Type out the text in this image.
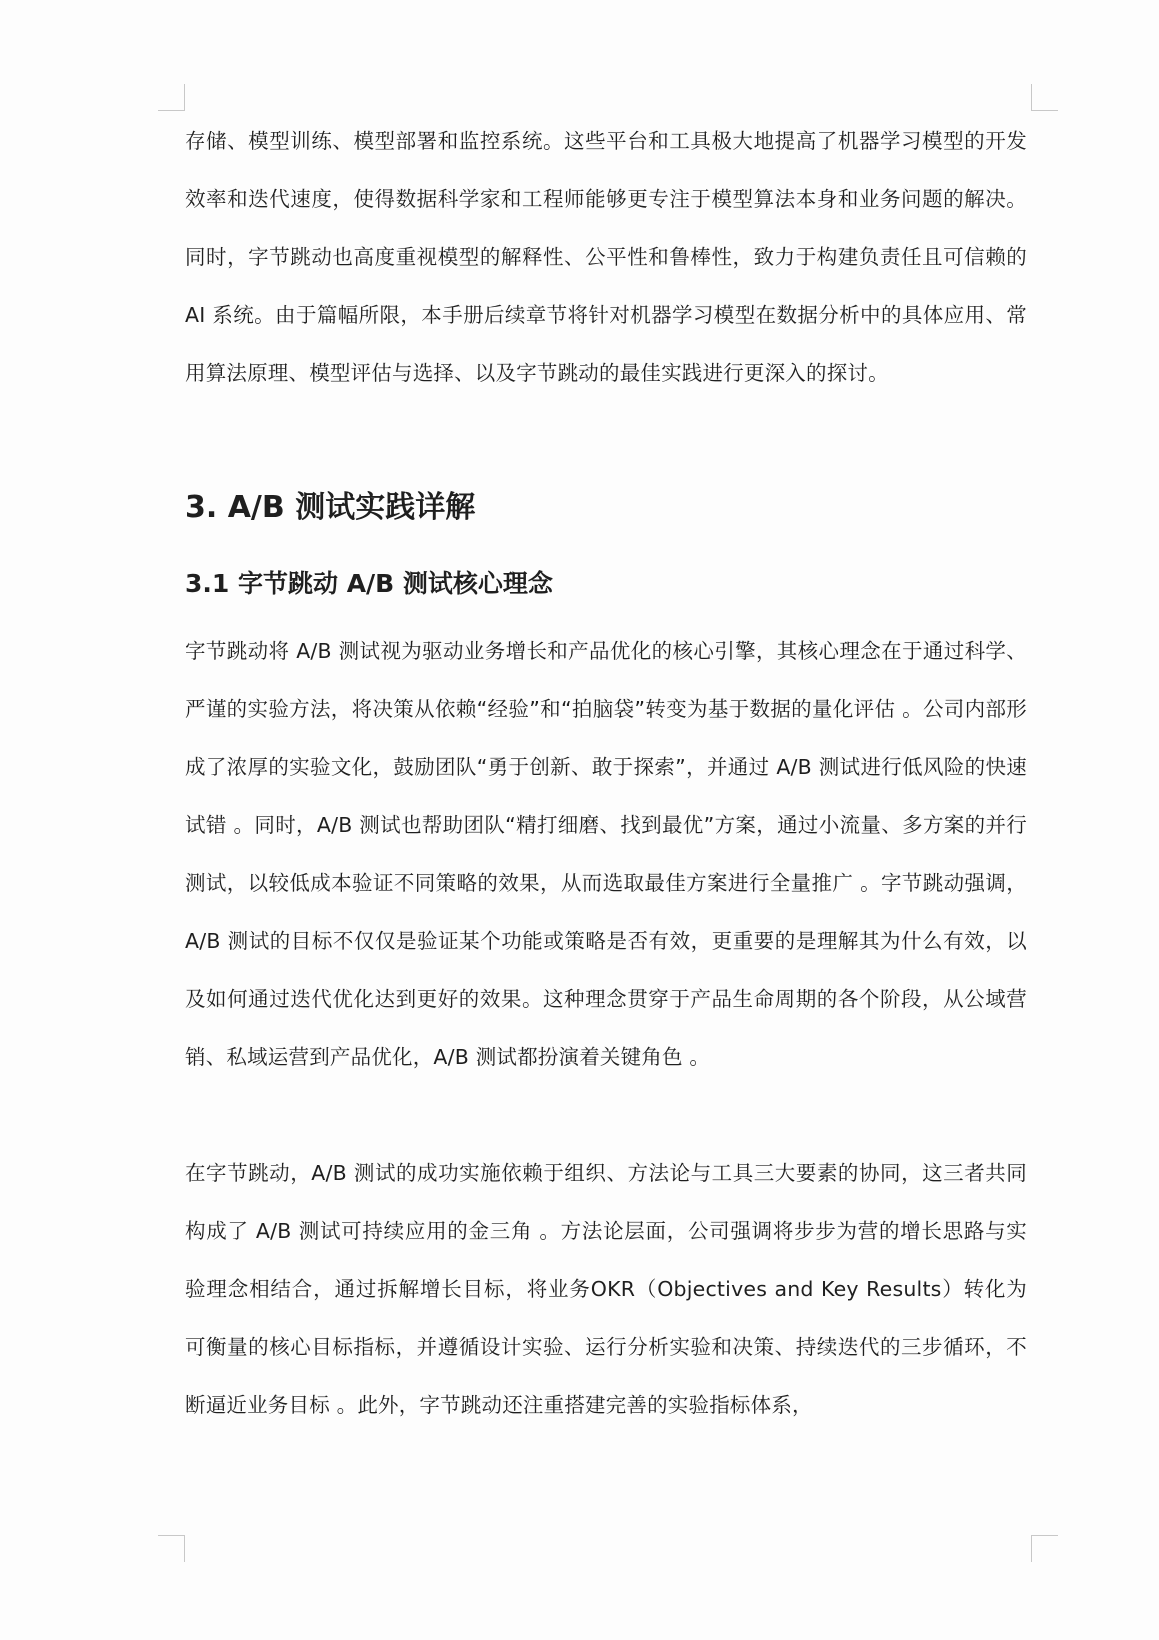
存储、模型训练、模型部署和监控系统。这些平台和工具极大地提高了机器学习模型的开发效率和迭代速度，使得数据科学家和工程师能够更专注于模型算法本身和业务问题的解决。同时，字节跳动也高度重视模型的解释性、公平性和鲁棒性，致力于构建负责任且可信赖的 AI 系统。由于篇幅所限，本手册后续章节将针对机器学习模型在数据分析中的具体应用、常用算法原理、模型评估与选择、以及字节跳动的最佳实践进行更深入的探讨。

3. A/B 测试实践详解
3.1 字节跳动 A/B 测试核心理念

字节跳动将 A/B 测试视为驱动业务增长和产品优化的核心引擎，其核心理念在于通过科学、严谨的实验方法，将决策从依赖“经验”和“拍脑袋”转变为基于数据的量化评估 。公司内部形成了浓厚的实验文化，鼓励团队“勇于创新、敢于探索”，并通过 A/B 测试进行低风险的快速试错 。同时，A/B 测试也帮助团队“精打细磨、找到最优”方案，通过小流量、多方案的并行测试，以较低成本验证不同策略的效果，从而选取最佳方案进行全量推广 。字节跳动强调，A/B 测试的目标不仅仅是验证某个功能或策略是否有效，更重要的是理解其为什么有效，以及如何通过迭代优化达到更好的效果。这种理念贯穿于产品生命周期的各个阶段，从公域营销、私域运营到产品优化，A/B 测试都扮演着关键角色 。

在字节跳动，A/B 测试的成功实施依赖于组织、方法论与工具三大要素的协同，这三者共同构成了 A/B 测试可持续应用的金三角 。方法论层面，公司强调将步步为营的增长思路与实验理念相结合，通过拆解增长目标，将业务OKR（Objectives and Key Results）转化为可衡量的核心目标指标，并遵循设计实验、运行分析实验和决策、持续迭代的三步循环，不断逼近业务目标 。此外，字节跳动还注重搭建完善的实验指标体系，
